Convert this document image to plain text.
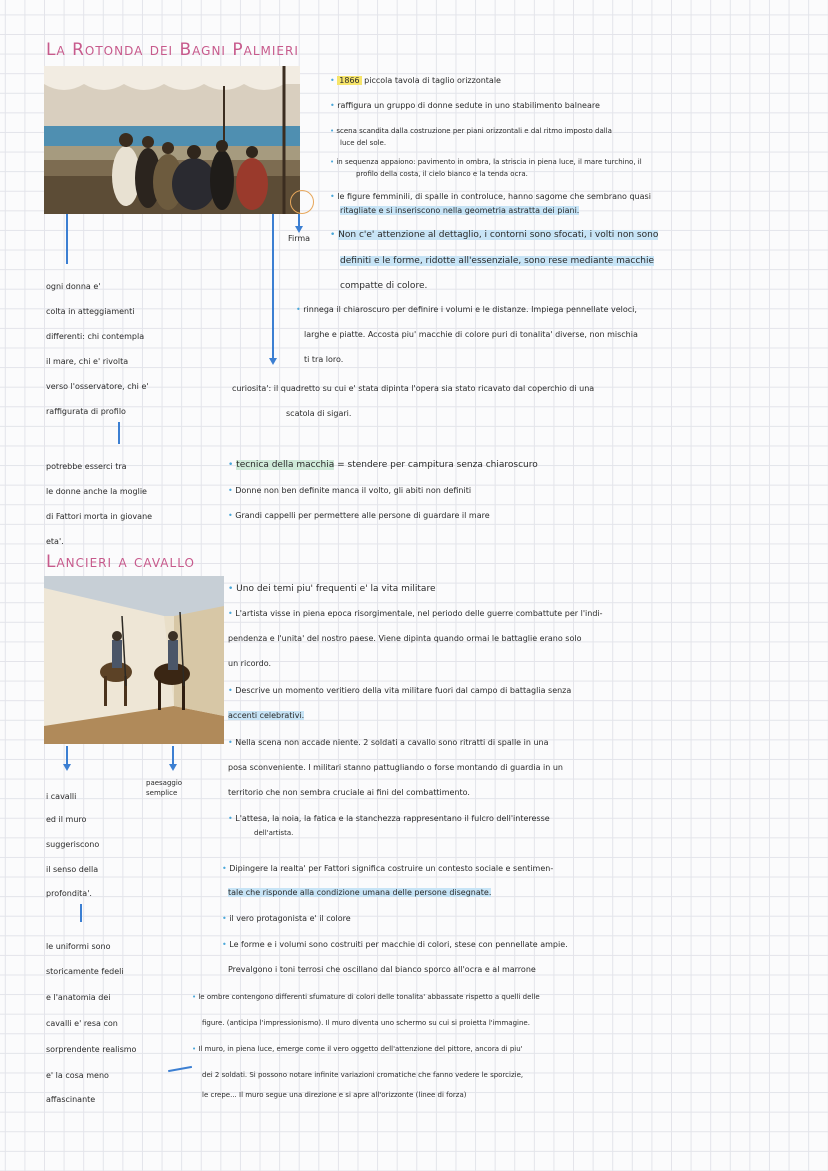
La Rotonda dei Bagni Palmieri
• 1866 piccola tavola di taglio orizzontale
• raffigura un gruppo di donne sedute in uno stabilimento balneare
• scena scandita dalla costruzione per piani orizzontali e dal ritmo imposto dalla
luce del sole.
• in sequenza appaiono: pavimento in ombra, la striscia in piena luce, il mare turchino, il
profilo della costa, il cielo bianco e la tenda ocra.
• le figure femminili, di spalle in controluce, hanno sagome che sembrano quasi
ritagliate e si inseriscono nella geometria astratta dei piani.
Firma • Non c'e' attenzione al dettaglio, i contorni sono sfocati, i volti non sono
definiti e le forme, ridotte all'essenziale, sono rese mediante macchie
compatte di colore.
• rinnega il chiaroscuro per definire i volumi e le distanze. Impiega pennellate veloci,
larghe e piatte. Accosta piu' macchie di colore puri di tonalita' diverse, non mischia
ti tra loro.
curiosita': il quadretto su cui e' stata dipinta l'opera sia stato ricavato dal coperchio di una
scatola di sigari.
ogni donna e'
colta in atteggiamenti
differenti: chi contempla
il mare, chi e' rivolta
verso l'osservatore, chi e'
raffigurata di profilo
potrebbe esserci tra
le donne anche la moglie
di Fattori morta in giovane
eta'.
• tecnica della macchia = stendere per campitura senza chiaroscuro
• Donne non ben definite manca il volto, gli abiti non definiti
• Grandi cappelli per permettere alle persone di guardare il mare
Lancieri a cavallo
• Uno dei temi piu' frequenti e' la vita militare
• L'artista visse in piena epoca risorgimentale, nel periodo delle guerre combattute per l'indi-
pendenza e l'unita' del nostro paese. Viene dipinta quando ormai le battaglie erano solo
un ricordo.
• Descrive un momento veritiero della vita militare fuori dal campo di battaglia senza
accenti celebrativi.
• Nella scena non accade niente. 2 soldati a cavallo sono ritratti di spalle in una
posa sconveniente. I militari stanno pattugliando o forse montando di guardia in un
territorio che non sembra cruciale ai fini del combattimento.
• L'attesa, la noia, la fatica e la stanchezza rappresentano il fulcro dell'interesse
dell'artista.
• Dipingere la realta' per Fattori significa costruire un contesto sociale e sentimen-
tale che risponde alla condizione umana delle persone disegnate.
• il vero protagonista e' il colore
• Le forme e i volumi sono costruiti per macchie di colori, stese con pennellate ampie.
Prevalgono i toni terrosi che oscillano dal bianco sporco all'ocra e al marrone
• le ombre contengono differenti sfumature di colori delle tonalita' abbassate rispetto a quelli delle
figure. (anticipa l'impressionismo). Il muro diventa uno schermo su cui si proietta l'immagine.
• Il muro, in piena luce, emerge come il vero oggetto dell'attenzione del pittore, ancora di piu'
dei 2 soldati. Si possono notare infinite variazioni cromatiche che fanno vedere le sporcizie,
le crepe... Il muro segue una direzione e si apre all'orizzonte (linee di forza)
paesaggio
semplice
i cavalli
ed il muro
suggeriscono
il senso della
profondita'.
le uniformi sono
storicamente fedeli
e l'anatomia dei
cavalli e' resa con
sorprendente realismo
e' la cosa meno
affascinante
